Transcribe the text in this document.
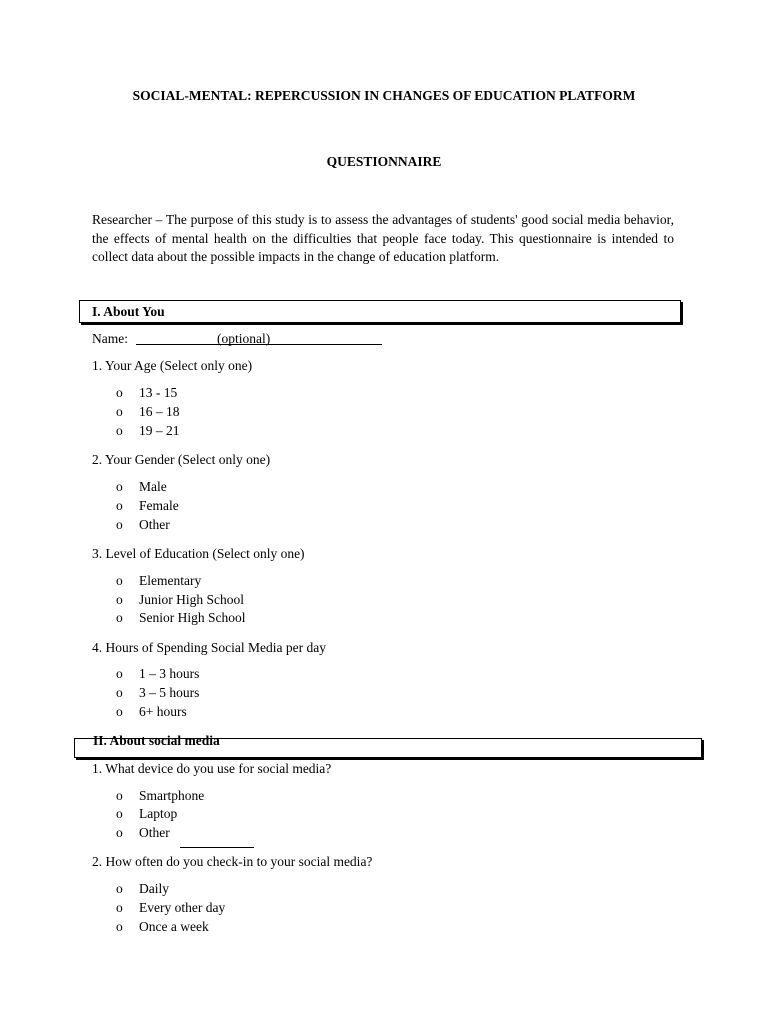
SOCIAL-MENTAL: REPERCUSSION IN CHANGES OF EDUCATION PLATFORM
QUESTIONNAIRE
Researcher – The purpose of this study is to assess the advantages of students' good social media behavior, the effects of mental health on the difficulties that people face today. This questionnaire is intended to collect data about the possible impacts in the change of education platform.
I. About You
Name:	(optional)
1. Your Age (Select only one)
o 13 - 15
o 16 – 18
o 19 – 21
2. Your Gender (Select only one)
o Male
o Female
o Other
3. Level of Education (Select only one)
o Elementary
o Junior High School
o Senior High School
4. Hours of Spending Social Media per day
o 1 – 3 hours
o 3 – 5 hours
o 6+ hours
II. About social media
1. What device do you use for social media?
o Smartphone
o Laptop
o Other
2. How often do you check-in to your social media?
o Daily
o Every other day
o Once a week
